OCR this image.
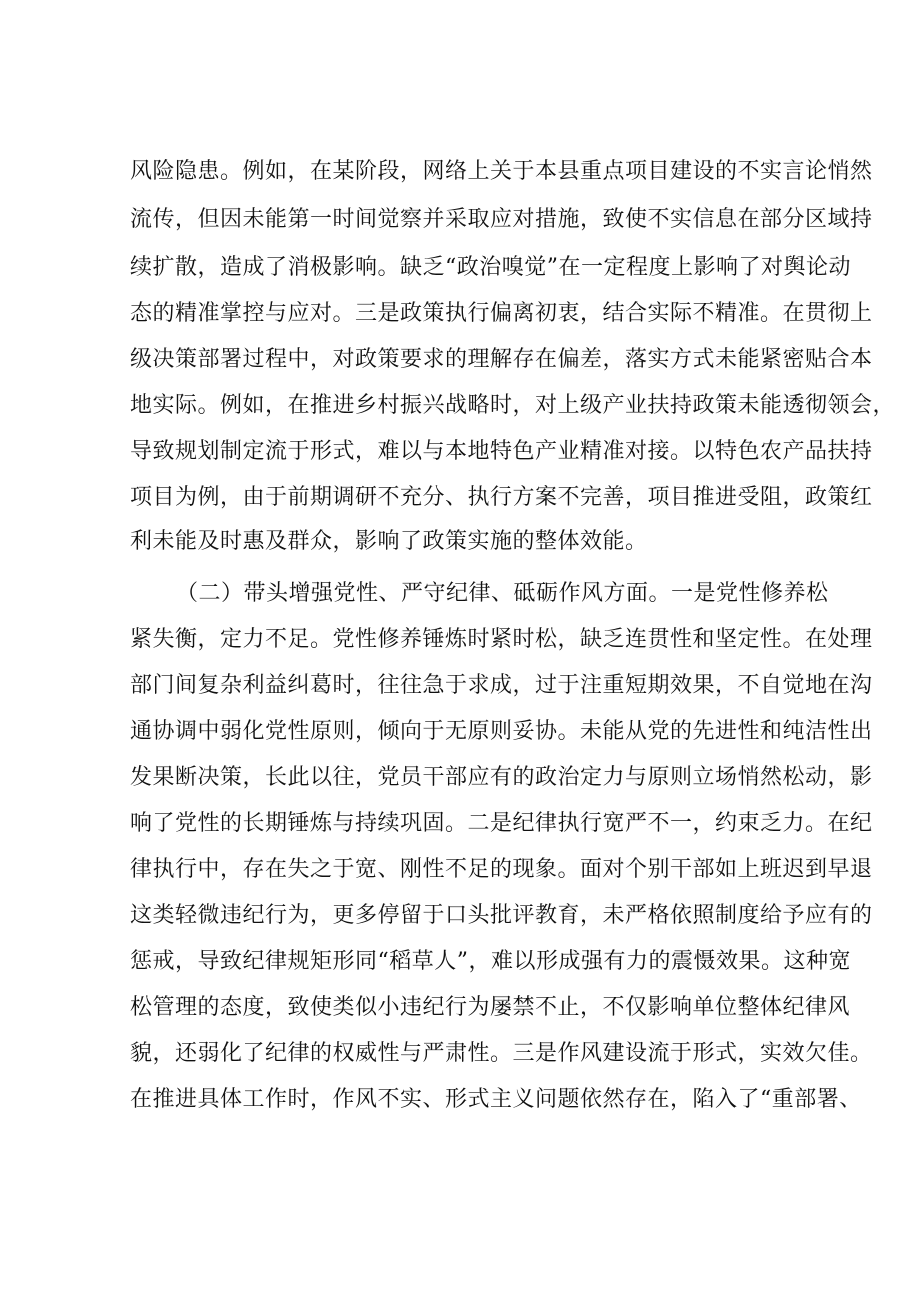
风险隐患。例如，在某阶段，网络上关于本县重点项目建设的不实言论悄然
流传，但因未能第一时间觉察并采取应对措施，致使不实信息在部分区域持
续扩散，造成了消极影响。缺乏“政治嗅觉”在一定程度上影响了对舆论动
态的精准掌控与应对。三是政策执行偏离初衷，结合实际不精准。在贯彻上
级决策部署过程中，对政策要求的理解存在偏差，落实方式未能紧密贴合本
地实际。例如，在推进乡村振兴战略时，对上级产业扶持政策未能透彻领会，
导致规划制定流于形式，难以与本地特色产业精准对接。以特色农产品扶持
项目为例，由于前期调研不充分、执行方案不完善，项目推进受阻，政策红
利未能及时惠及群众，影响了政策实施的整体效能。
（二）带头增强党性、严守纪律、砥砺作风方面。一是党性修养松
紧失衡，定力不足。党性修养锤炼时紧时松，缺乏连贯性和坚定性。在处理
部门间复杂利益纠葛时，往往急于求成，过于注重短期效果，不自觉地在沟
通协调中弱化党性原则，倾向于无原则妥协。未能从党的先进性和纯洁性出
发果断决策，长此以往，党员干部应有的政治定力与原则立场悄然松动，影
响了党性的长期锤炼与持续巩固。二是纪律执行宽严不一，约束乏力。在纪
律执行中，存在失之于宽、刚性不足的现象。面对个别干部如上班迟到早退
这类轻微违纪行为，更多停留于口头批评教育，未严格依照制度给予应有的
惩戒，导致纪律规矩形同“稻草人”，难以形成强有力的震慑效果。这种宽
松管理的态度，致使类似小违纪行为屡禁不止，不仅影响单位整体纪律风
貌，还弱化了纪律的权威性与严肃性。三是作风建设流于形式，实效欠佳。
在推进具体工作时，作风不实、形式主义问题依然存在，陷入了“重部署、
